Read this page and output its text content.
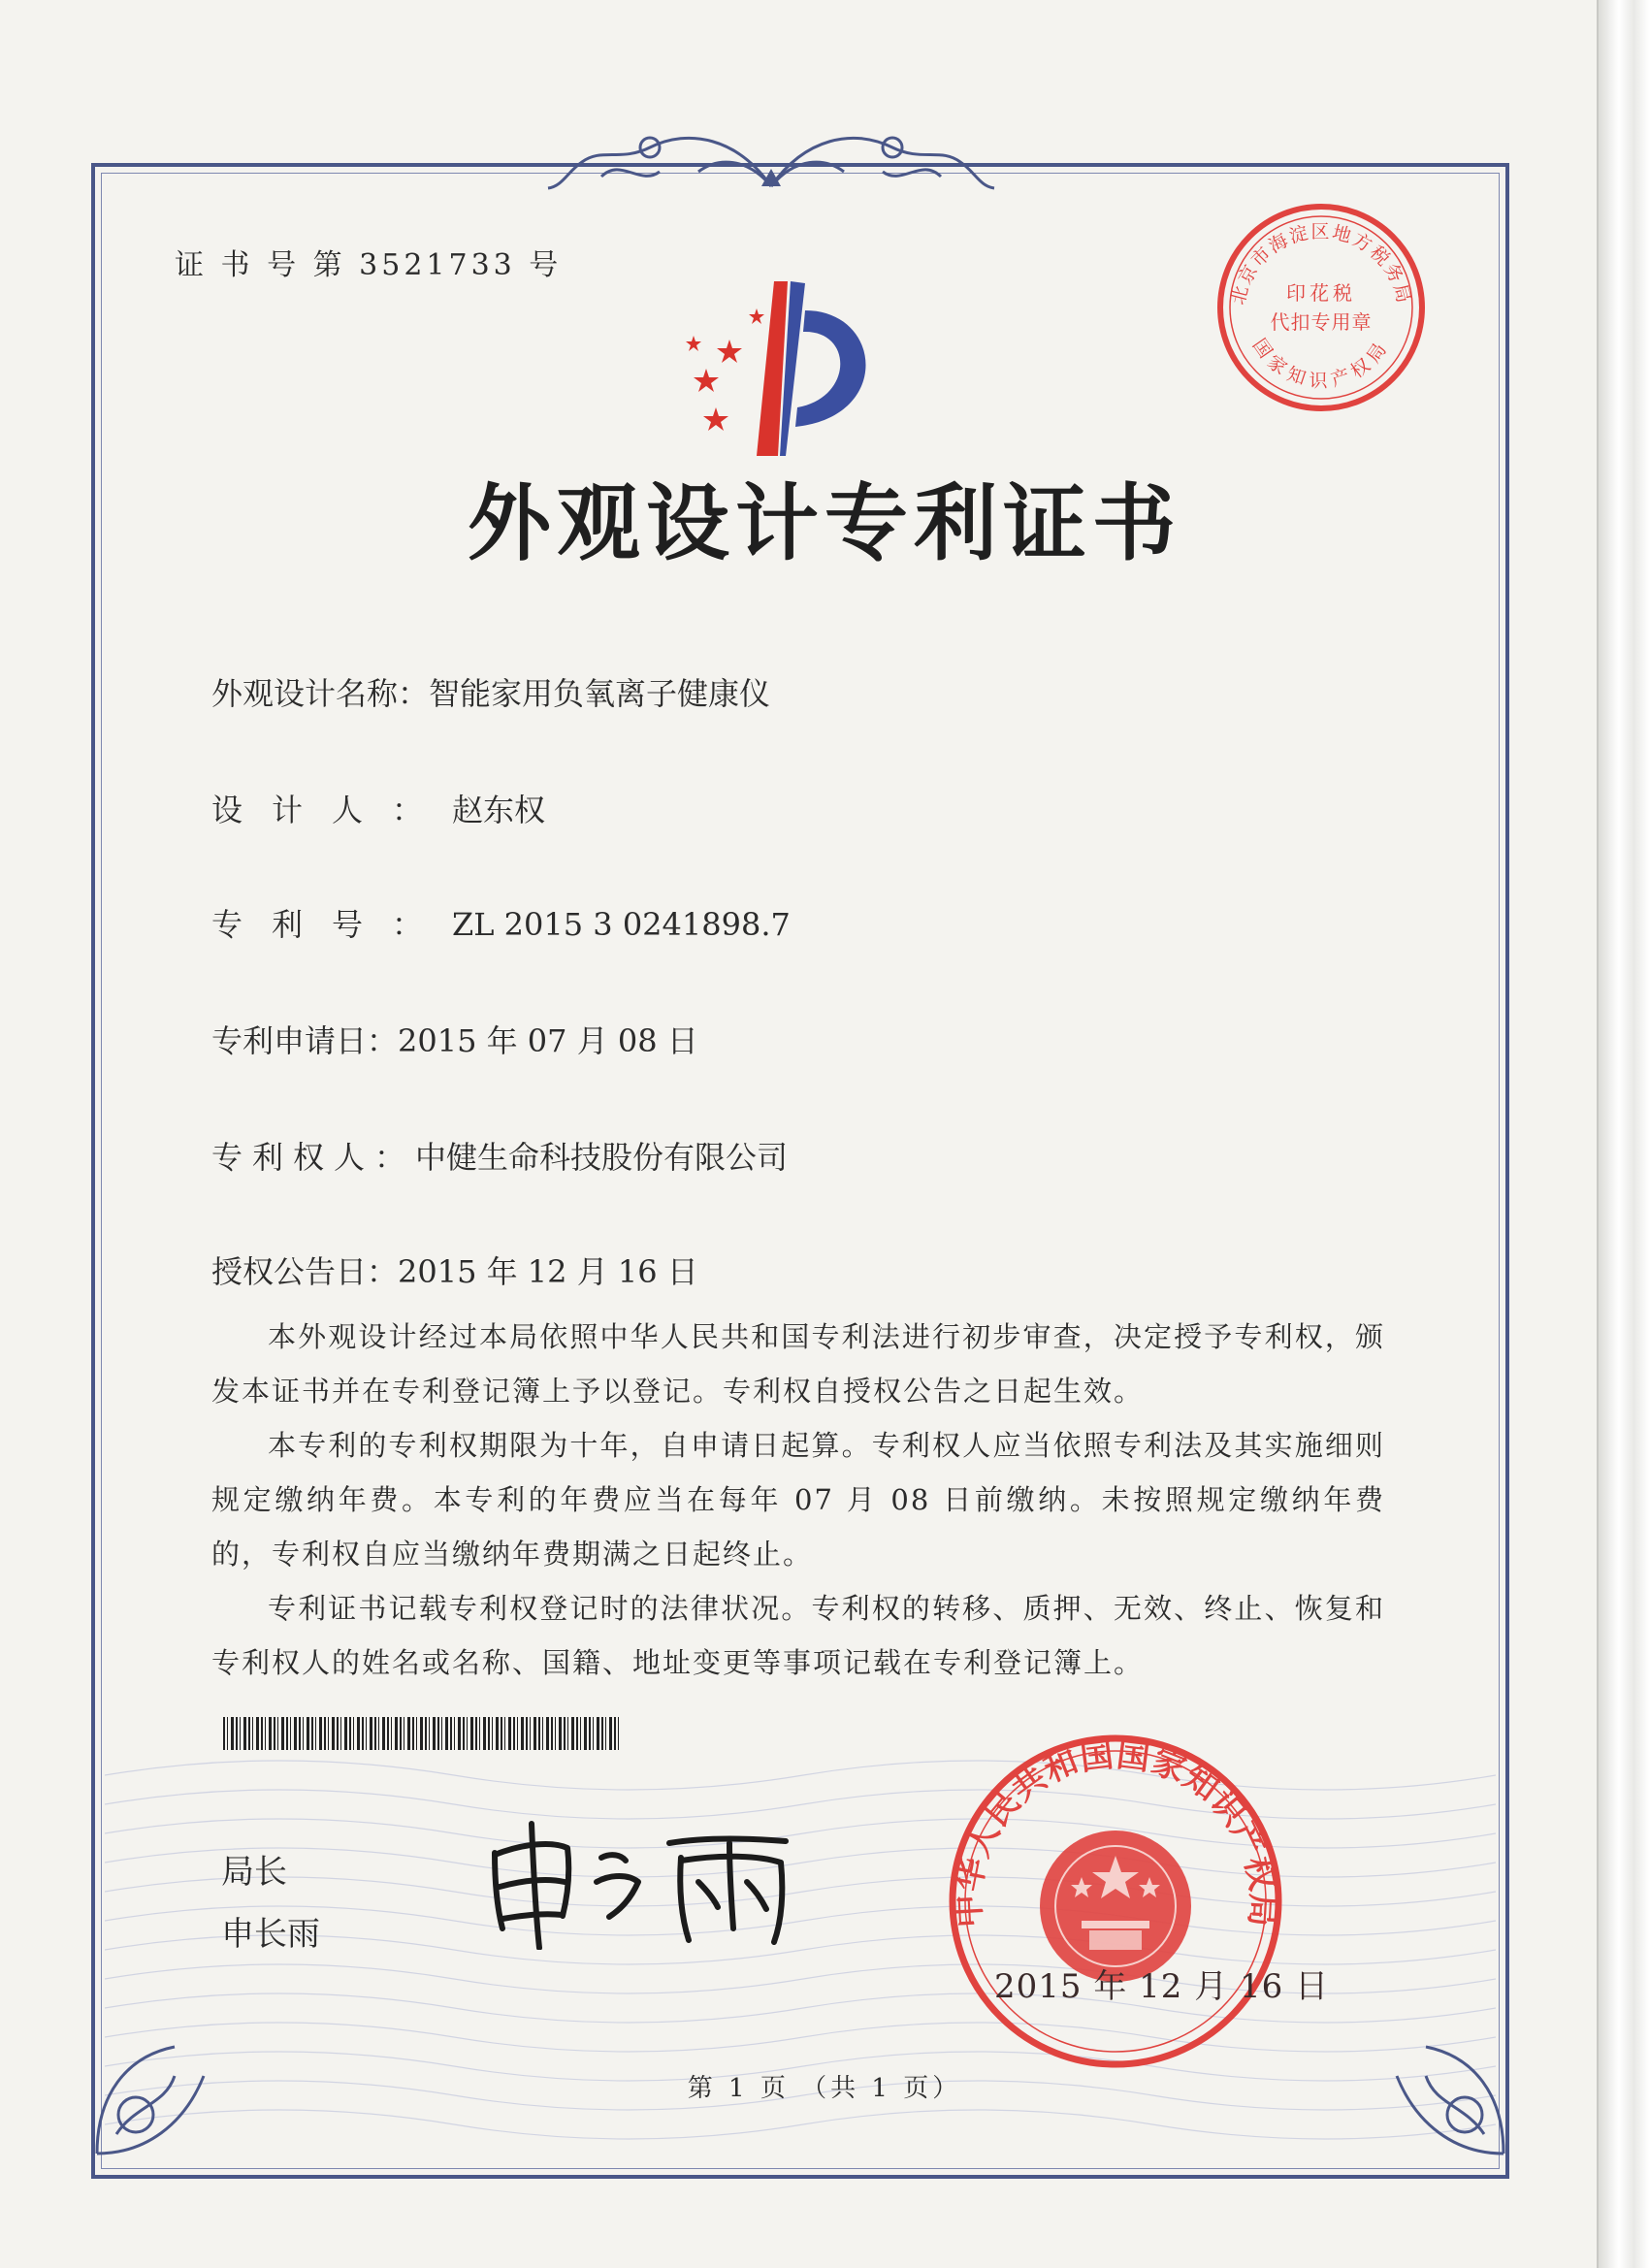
证 书 号 第 3521733 号
北京市海淀区地方税务局
印花税
代扣专用章
国家知识产权局
外观设计专利证书
外观设计名称：智能家用负氧离子健康仪
设计人：赵东权
专利号：ZL 2015 3 0241898.7
专利申请日：2015 年 07 月 08 日
专利权人：中健生命科技股份有限公司
授权公告日：2015 年 12 月 16 日
本外观设计经过本局依照中华人民共和国专利法进行初步审查，决定授予专利权，颁发本证书并在专利登记簿上予以登记。专利权自授权公告之日起生效。
本专利的专利权期限为十年，自申请日起算。专利权人应当依照专利法及其实施细则规定缴纳年费。本专利的年费应当在每年 07 月 08 日前缴纳。未按照规定缴纳年费的，专利权自应当缴纳年费期满之日起终止。
专利证书记载专利权登记时的法律状况。专利权的转移、质押、无效、终止、恢复和专利权人的姓名或名称、国籍、地址变更等事项记载在专利登记簿上。
局长
申长雨
中华人民共和国国家知识产权局
2015 年 12 月 16 日
第 1 页 （共 1 页）
